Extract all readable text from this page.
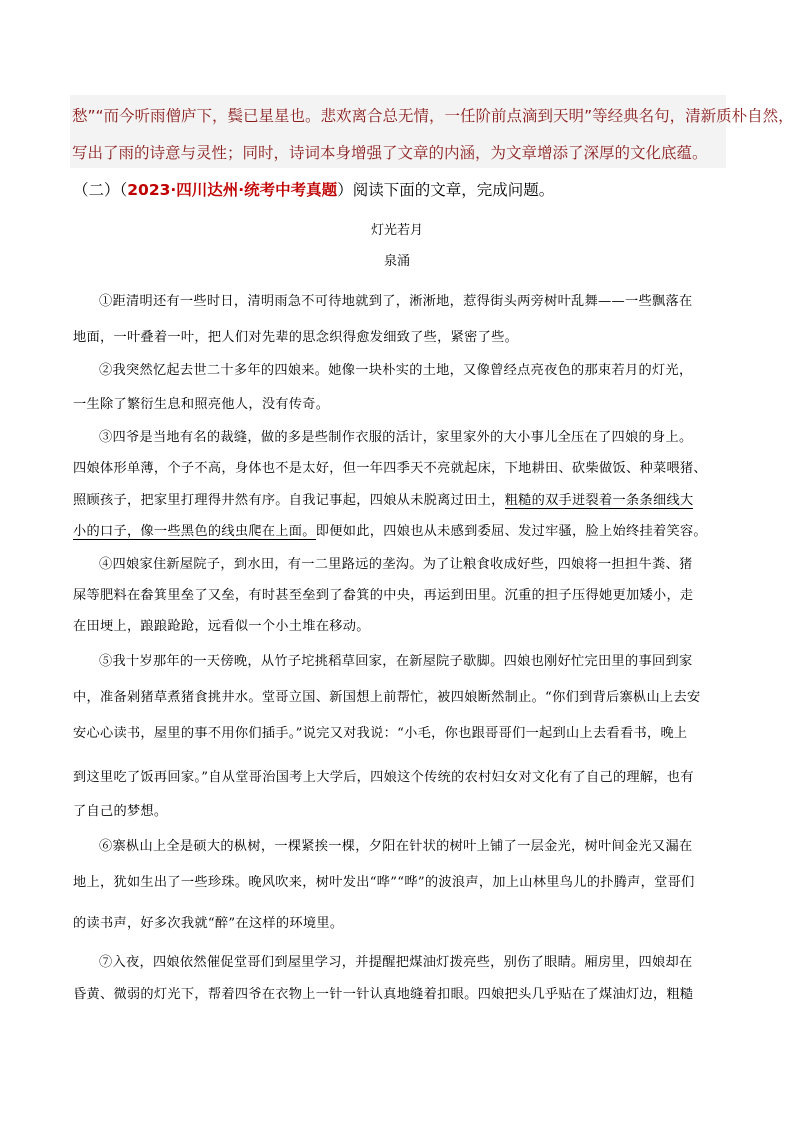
愁”“而今听雨僧庐下，鬓已星星也。悲欢离合总无情，一任阶前点滴到天明”等经典名句，清新质朴自然，
写出了雨的诗意与灵性；同时，诗词本身增强了文章的内涵，为文章增添了深厚的文化底蕴。
（二）（2023·四川达州·统考中考真题）阅读下面的文章，完成问题。
灯光若月
泉涌
①距清明还有一些时日，清明雨急不可待地就到了，淅淅地，惹得街头两旁树叶乱舞——一些飘落在
地面，一叶叠着一叶，把人们对先辈的思念织得愈发细致了些，紧密了些。
②我突然忆起去世二十多年的四娘来。她像一块朴实的土地，又像曾经点亮夜色的那束若月的灯光，
一生除了繁衍生息和照亮他人，没有传奇。
③四爷是当地有名的裁缝，做的多是些制作衣服的活计，家里家外的大小事儿全压在了四娘的身上。
四娘体形单薄，个子不高，身体也不是太好，但一年四季天不亮就起床，下地耕田、砍柴做饭、种菜喂猪、
照顾孩子，把家里打理得井然有序。自我记事起，四娘从未脱离过田土，粗糙的双手迸裂着一条条细线大
小的口子，像一些黑色的线虫爬在上面。即便如此，四娘也从未感到委屈、发过牢骚，脸上始终挂着笑容。
④四娘家住新屋院子，到水田，有一二里路远的垄沟。为了让粮食收成好些，四娘将一担担牛粪、猪
屎等肥料在畚箕里垒了又垒，有时甚至垒到了畚箕的中央，再运到田里。沉重的担子压得她更加矮小，走
在田埂上，踉踉跄跄，远看似一个小土堆在移动。
⑤我十岁那年的一天傍晚，从竹子坨挑稻草回家，在新屋院子歇脚。四娘也刚好忙完田里的事回到家
中，准备剁猪草煮猪食挑井水。堂哥立国、新国想上前帮忙，被四娘断然制止。“你们到背后寨枞山上去安
安心心读书，屋里的事不用你们插手。”说完又对我说：“小毛，你也跟哥哥们一起到山上去看看书，晚上
到这里吃了饭再回家。”自从堂哥治国考上大学后，四娘这个传统的农村妇女对文化有了自己的理解，也有
了自己的梦想。
⑥寨枞山上全是硕大的枞树，一棵紧挨一棵，夕阳在针状的树叶上铺了一层金光，树叶间金光又漏在
地上，犹如生出了一些珍珠。晚风吹来，树叶发出“哗”“哗”的波浪声，加上山林里鸟儿的扑腾声，堂哥们
的读书声，好多次我就“醉”在这样的环境里。
⑦入夜，四娘依然催促堂哥们到屋里学习，并提醒把煤油灯拨亮些，别伤了眼睛。厢房里，四娘却在
昏黄、微弱的灯光下，帮着四爷在衣物上一针一针认真地缝着扣眼。四娘把头几乎贴在了煤油灯边，粗糙
